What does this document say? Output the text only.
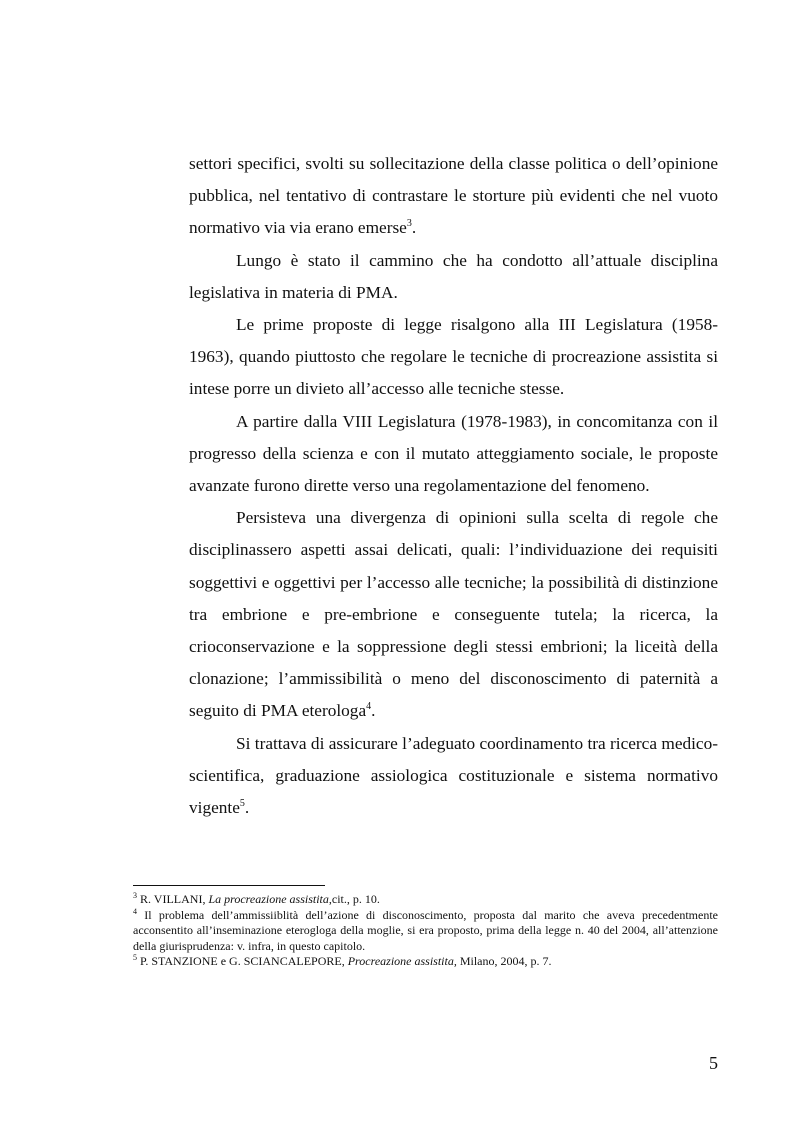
settori specifici, svolti su sollecitazione della classe politica o dell’opinione pubblica, nel tentativo di contrastare le storture più evidenti che nel vuoto normativo via via erano emerse$^3$.

Lungo è stato il cammino che ha condotto all’attuale disciplina legislativa in materia di PMA.

Le prime proposte di legge risalgono alla III Legislatura (1958-1963), quando piuttosto che regolare le tecniche di procreazione assistita si intese porre un divieto all’accesso alle tecniche stesse.

A partire dalla VIII Legislatura (1978-1983), in concomitanza con il progresso della scienza e con il mutato atteggiamento sociale, le proposte avanzate furono dirette verso una regolamentazione del fenomeno.

Persisteva una divergenza di opinioni sulla scelta di regole che disciplinassero aspetti assai delicati, quali: l’individuazione dei requisiti soggettivi e oggettivi per l’accesso alle tecniche; la possibilità di distinzione tra embrione e pre-embrione e conseguente tutela; la ricerca, la crioconservazione e la soppressione degli stessi embrioni; la liceità della clonazione; l’ammissibilità o meno del disconoscimento di paternità a seguito di PMA eterologa$^4$.

Si trattava di assicurare l’adeguato coordinamento tra ricerca medico-scientifica, graduazione assiologica costituzionale e sistema normativo vigente$^5$.

$^3$ R. VILLANI, La procreazione assistita,cit., p. 10.

$^4$ Il problema dell’ammissiiblità dell’azione di disconoscimento, proposta dal marito che aveva precedentmente acconsentito all’inseminazione eterogloga della moglie, si era proposto, prima della legge n. 40 del 2004, all’attenzione della giurisprudenza: v. infra, in questo capitolo.

$^5$ P. STANZIONE e G. SCIANCALEPORE, Procreazione assistita, Milano, 2004, p. 7.

5
